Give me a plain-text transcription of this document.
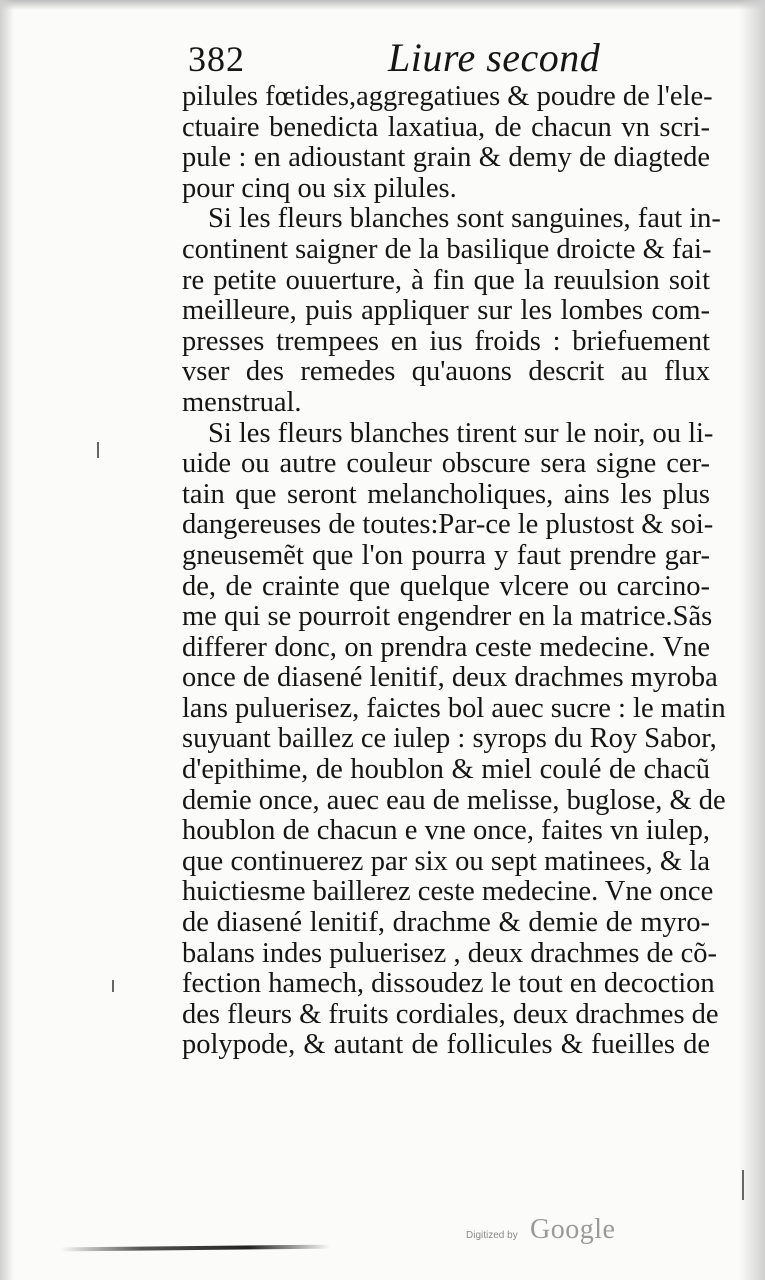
382	Liure second
pilules fœtides,aggregatiues & poudre de l'ele-
ctuaire benedicta laxatiua, de chacun vn scri-
pule : en adioustant grain & demy de diagtede
pour cinq ou six pilules.
Si les fleurs blanches sont sanguines, faut in-
continent saigner de la basilique droicte & fai-
re petite ouuerture, à fin que la reuulsion soit
meilleure, puis appliquer sur les lombes com-
presses trempees en ius froids : briefuement
vser des remedes qu'auons descrit au flux
menstrual.
Si les fleurs blanches tirent sur le noir, ou li-
uide ou autre couleur obscure sera signe cer-
tain que seront melancholiques, ains les plus
dangereuses de toutes:Par-ce le plustost & soi-
gneusemẽt que l'on pourra y faut prendre gar-
de, de crainte que quelque vlcere ou carcino-
me qui se pourroit engendrer en la matrice.Sãs
differer donc, on prendra ceste medecine. Vne
once de diasené lenitif, deux drachmes myroba
lans puluerisez, faictes bol auec sucre : le matin
suyuant baillez ce iulep : syrops du Roy Sabor,
d'epithime, de houblon & miel coulé de chacũ
demie once, auec eau de melisse, buglose, & de
houblon de chacun e vne once, faites vn iulep,
que continuerez par six ou sept matinees, & la
huictiesme baillerez ceste medecine. Vne once
de diasené lenitif, drachme & demie de myro-
balans indes puluerisez , deux drachmes de cõ-
fection hamech, dissoudez le tout en decoction
des fleurs & fruits cordiales, deux drachmes de
polypode, & autant de follicules & fueilles de
Digitized by Google
